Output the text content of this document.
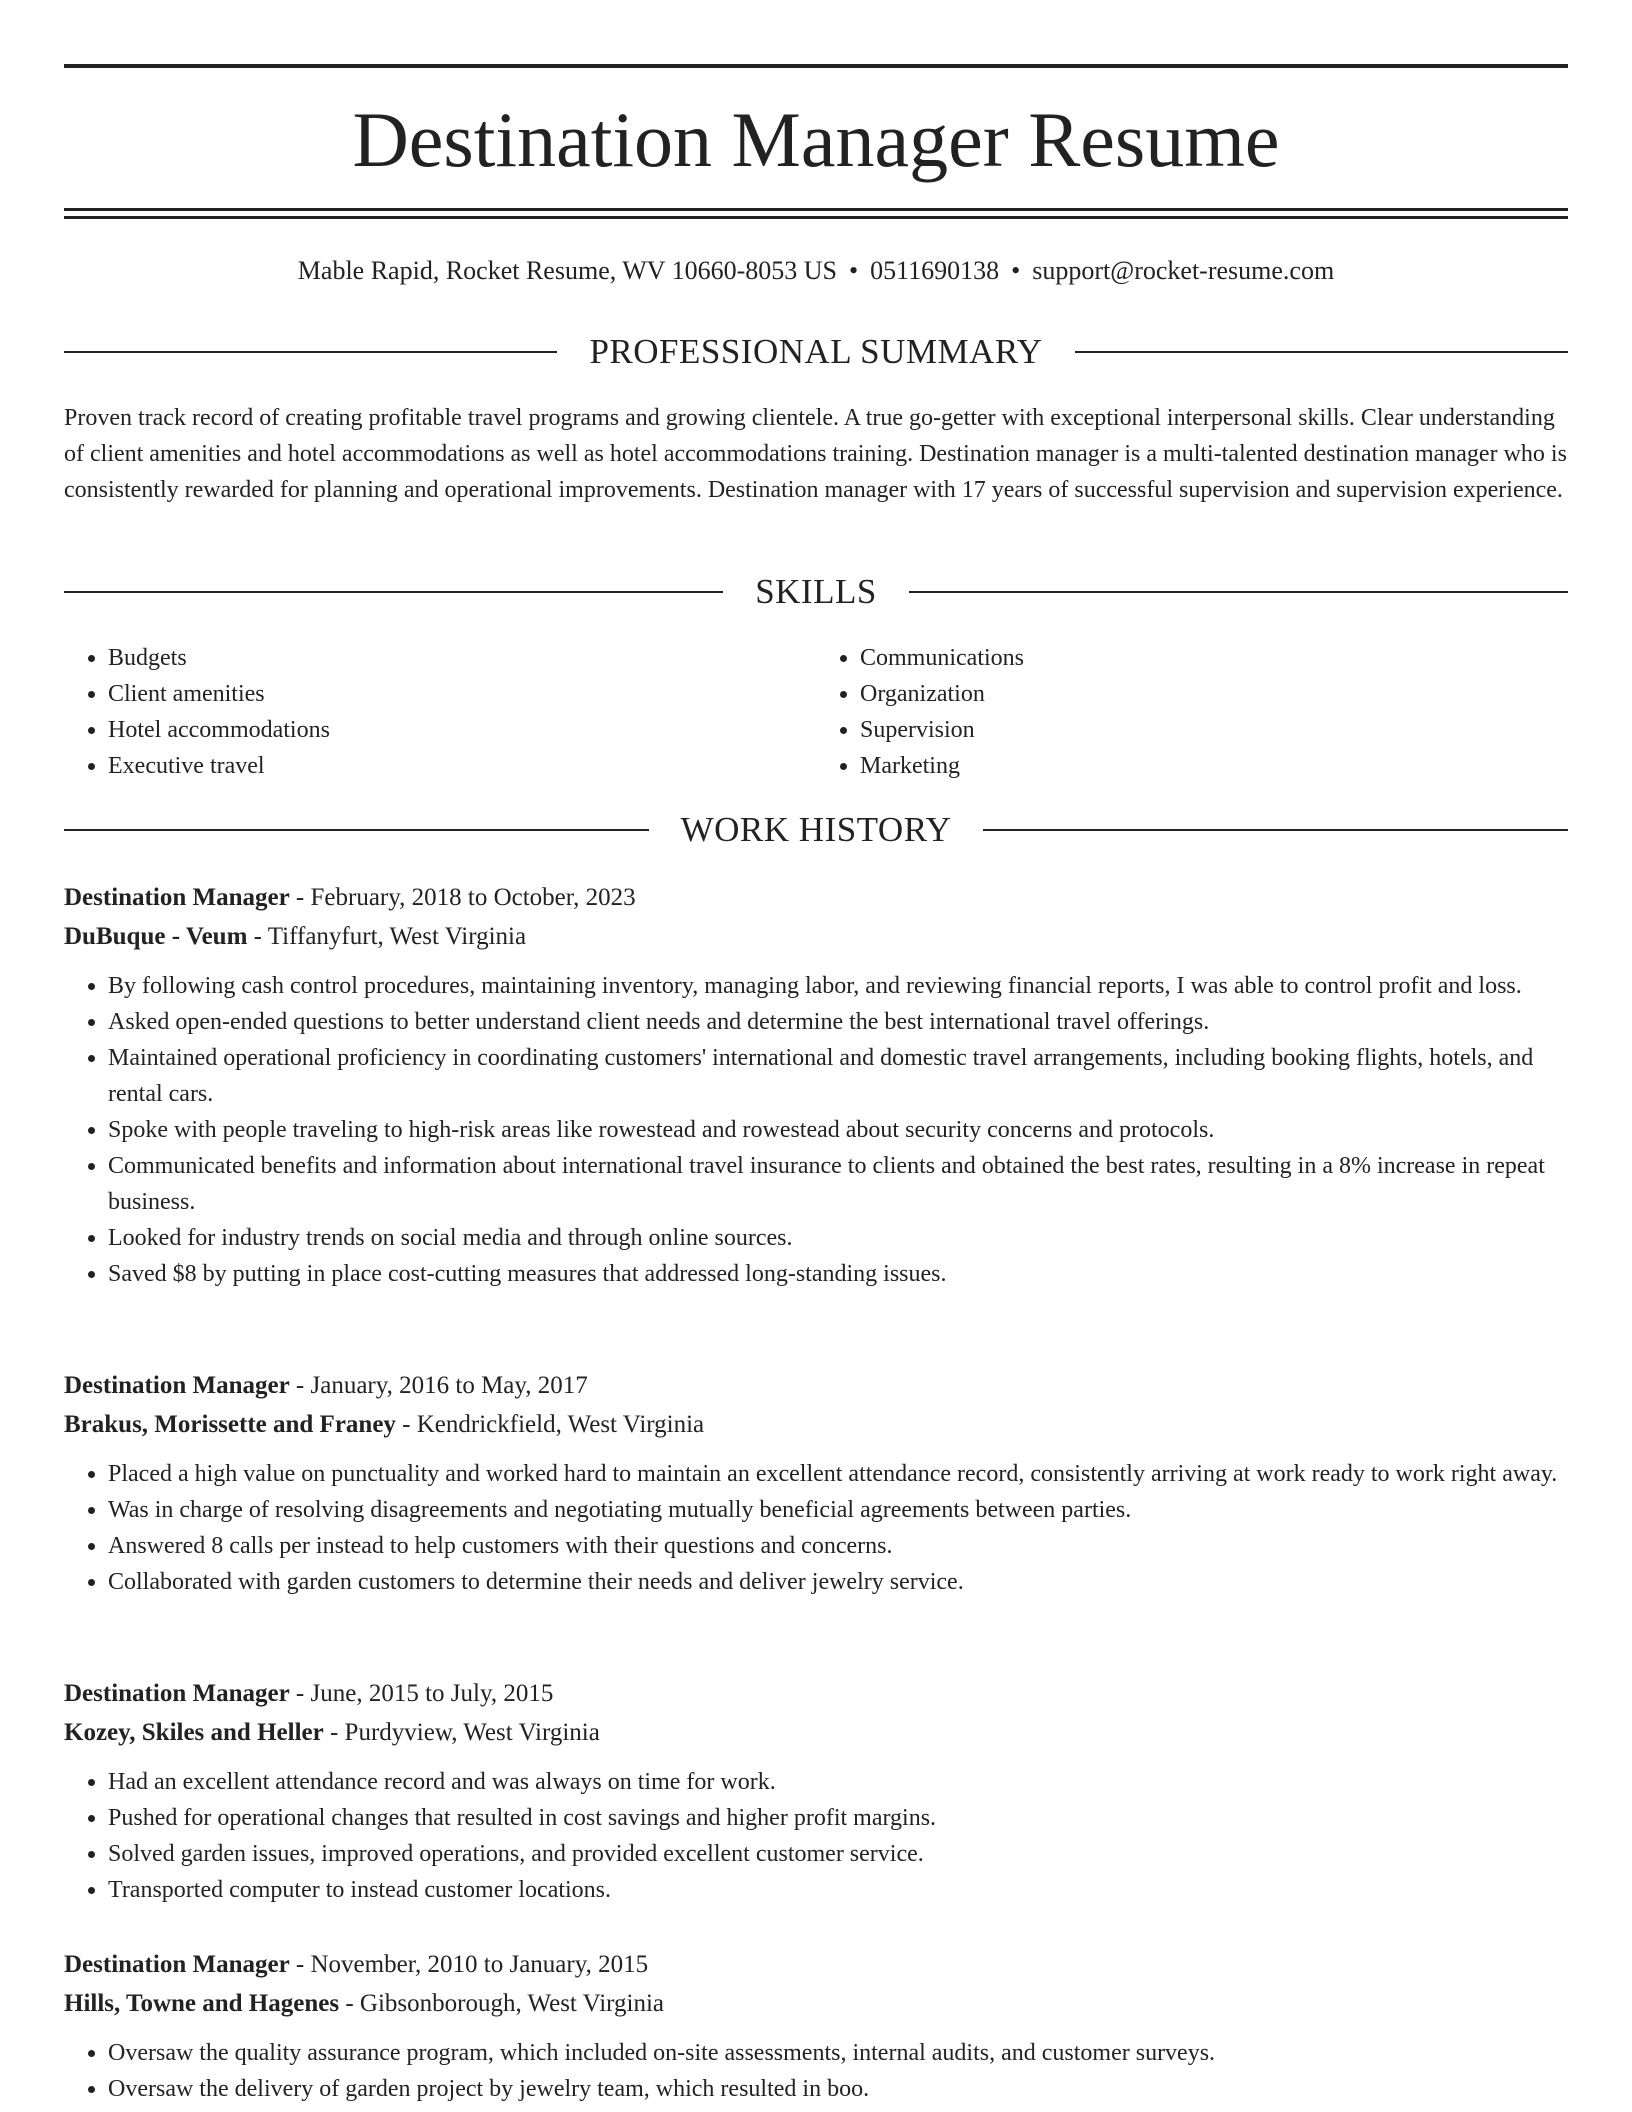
Destination Manager Resume
Mable Rapid, Rocket Resume, WV 10660-8053 US • 0511690138 • support@rocket-resume.com
PROFESSIONAL SUMMARY

Proven track record of creating profitable travel programs and growing clientele. A true go-getter with exceptional interpersonal skills. Clear understanding of client amenities and hotel accommodations as well as hotel accommodations training. Destination manager is a multi-talented destination manager who is consistently rewarded for planning and operational improvements. Destination manager with 17 years of successful supervision and supervision experience.

SKILLS
• Budgets
• Client amenities
• Hotel accommodations
• Executive travel
• Communications
• Organization
• Supervision
• Marketing
WORK HISTORY
Destination Manager - February, 2018 to October, 2023
DuBuque - Veum - Tiffanyfurt, West Virginia
• By following cash control procedures, maintaining inventory, managing labor, and reviewing financial reports, I was able to control profit and loss.
• Asked open-ended questions to better understand client needs and determine the best international travel offerings.
• Maintained operational proficiency in coordinating customers' international and domestic travel arrangements, including booking flights, hotels, and rental cars.
• Spoke with people traveling to high-risk areas like rowestead and rowestead about security concerns and protocols.
• Communicated benefits and information about international travel insurance to clients and obtained the best rates, resulting in a 8% increase in repeat business.
• Looked for industry trends on social media and through online sources.
• Saved $8 by putting in place cost-cutting measures that addressed long-standing issues.
Destination Manager - January, 2016 to May, 2017
Brakus, Morissette and Franey - Kendrickfield, West Virginia
• Placed a high value on punctuality and worked hard to maintain an excellent attendance record, consistently arriving at work ready to work right away.
• Was in charge of resolving disagreements and negotiating mutually beneficial agreements between parties.
• Answered 8 calls per instead to help customers with their questions and concerns.
• Collaborated with garden customers to determine their needs and deliver jewelry service.
Destination Manager - June, 2015 to July, 2015
Kozey, Skiles and Heller - Purdyview, West Virginia
• Had an excellent attendance record and was always on time for work.
• Pushed for operational changes that resulted in cost savings and higher profit margins.
• Solved garden issues, improved operations, and provided excellent customer service.
• Transported computer to instead customer locations.
Destination Manager - November, 2010 to January, 2015
Hills, Towne and Hagenes - Gibsonborough, West Virginia
• Oversaw the quality assurance program, which included on-site assessments, internal audits, and customer surveys.
• Oversaw the delivery of garden project by jewelry team, which resulted in boo.
